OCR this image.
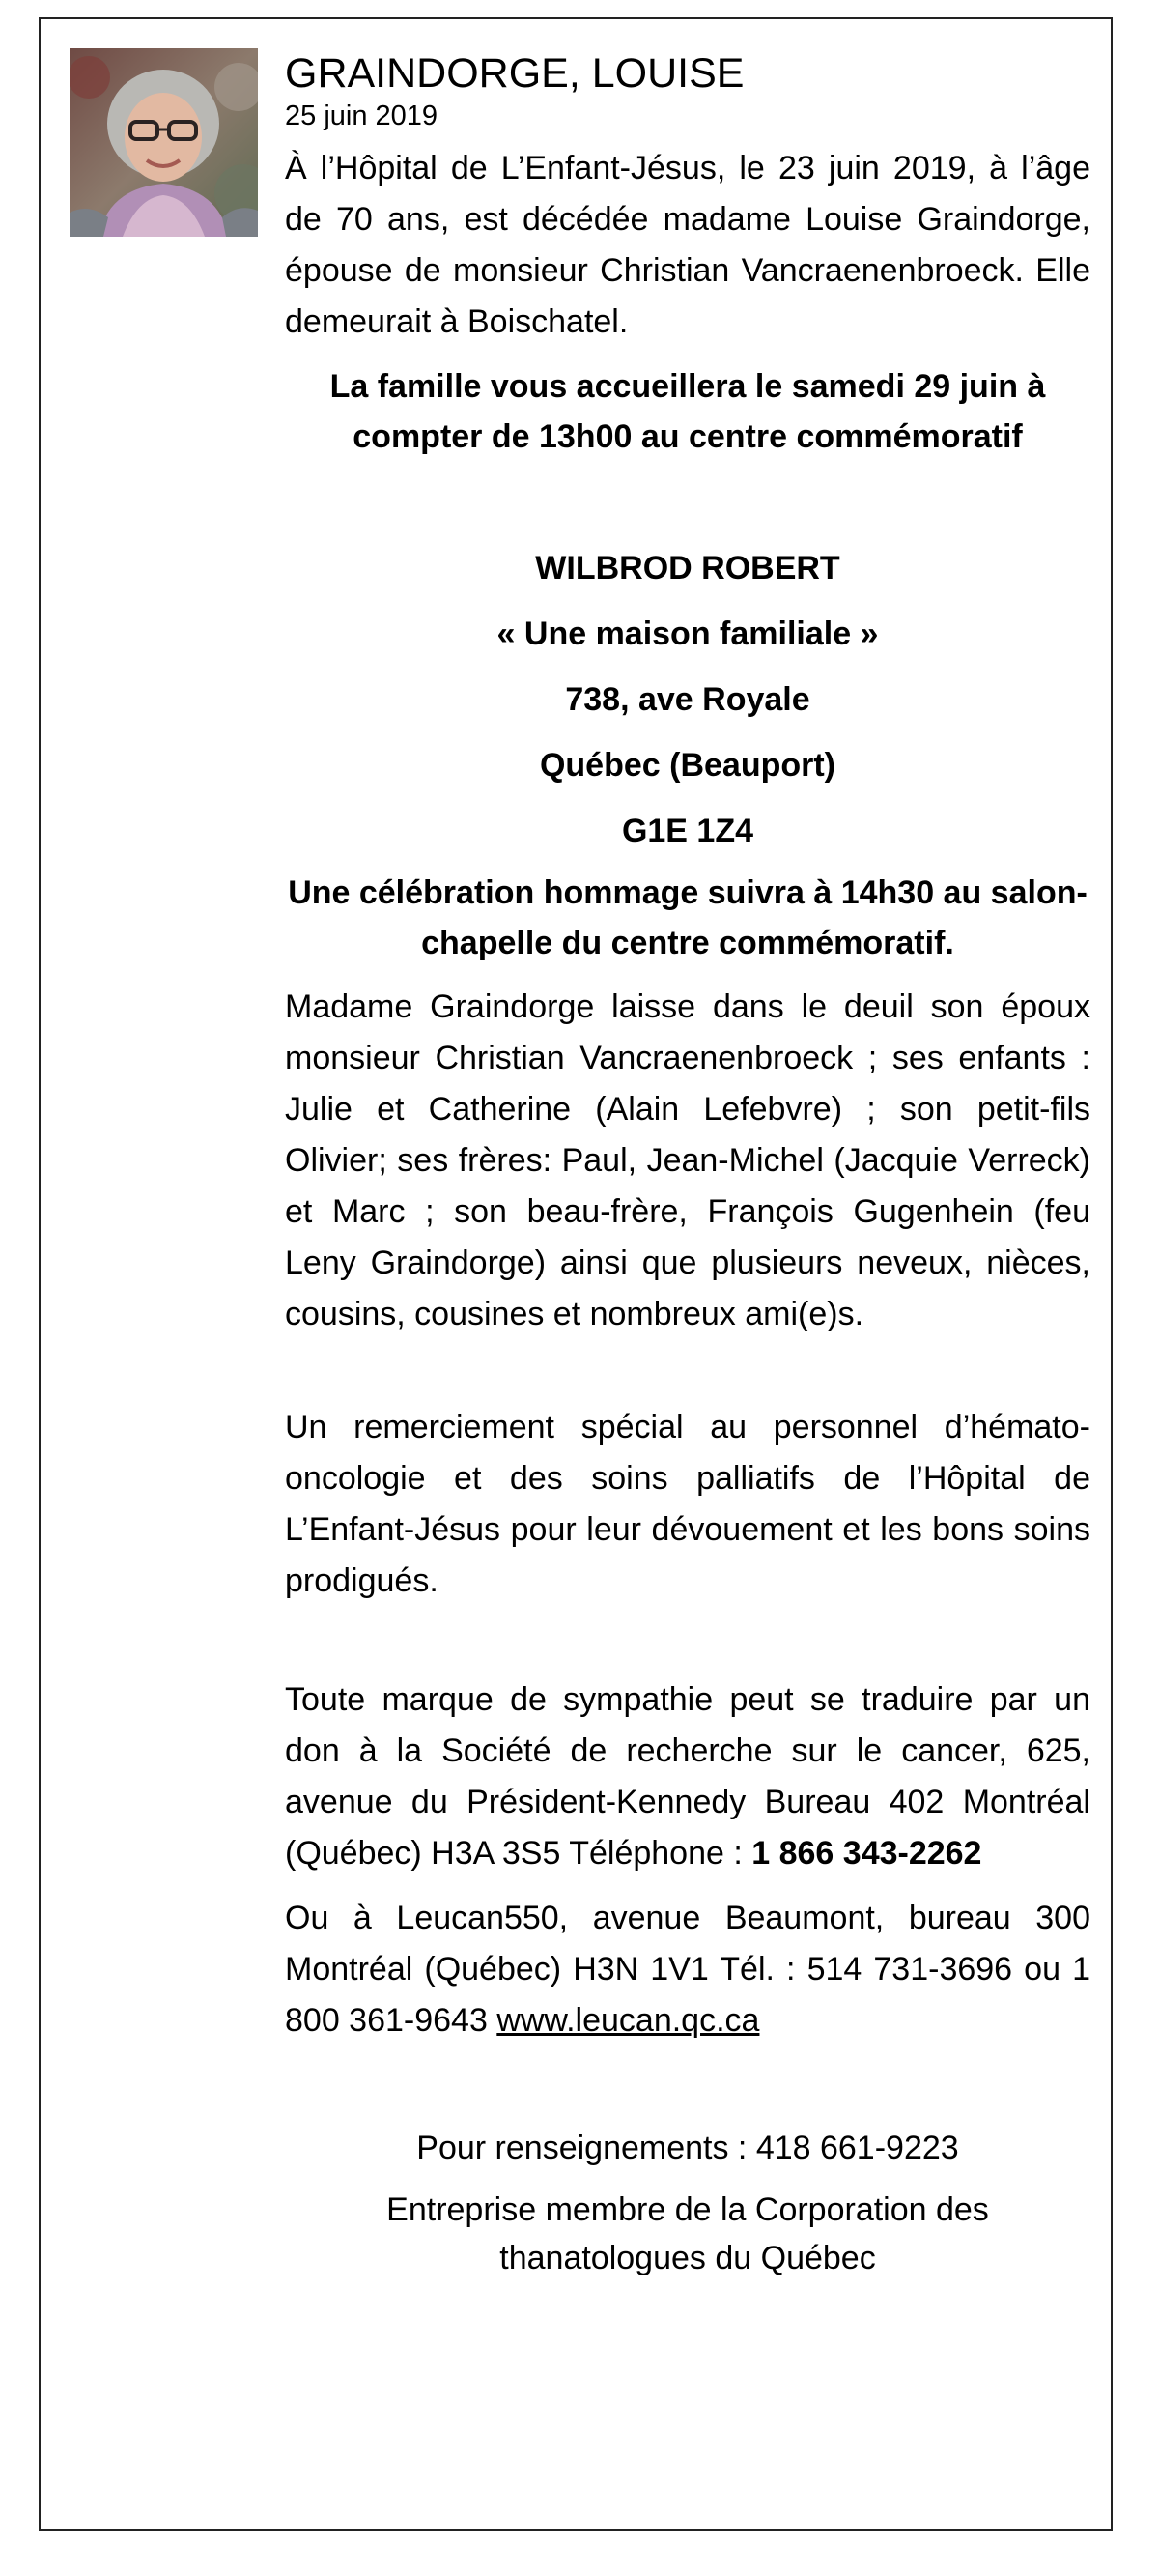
GRAINDORGE, LOUISE
25 juin 2019

À l’Hôpital de L’Enfant-Jésus, le 23 juin 2019, à l’âge de 70 ans, est décédée madame Louise Graindorge, épouse de monsieur Christian Vancraenenbroeck. Elle demeurait à Boischatel.

La famille vous accueillera le samedi 29 juin à compter de 13h00 au centre commémoratif

WILBROD ROBERT
« Une maison familiale »
738, ave Royale
Québec (Beauport)
G1E 1Z4

Une célébration hommage suivra à 14h30 au salon-chapelle du centre commémoratif.

Madame Graindorge laisse dans le deuil son époux monsieur Christian Vancraenenbroeck ; ses enfants : Julie et Catherine (Alain Lefebvre) ; son petit-fils Olivier; ses frères: Paul, Jean-Michel (Jacquie Verreck) et Marc ; son beau-frère, François Gugenhein (feu Leny Graindorge) ainsi que plusieurs neveux, nièces, cousins, cousines et nombreux ami(e)s.

Un remerciement spécial au personnel d’hémato-oncologie et des soins palliatifs de l’Hôpital de L’Enfant-Jésus pour leur dévouement et les bons soins prodigués.

Toute marque de sympathie peut se traduire par un don à la Société de recherche sur le cancer, 625, avenue du Président-Kennedy Bureau 402 Montréal (Québec) H3A 3S5 Téléphone : 1 866 343-2262

Ou à Leucan550, avenue Beaumont, bureau 300 Montréal (Québec) H3N 1V1 Tél. : 514 731-3696 ou 1 800 361-9643 www.leucan.qc.ca

Pour renseignements : 418 661-9223

Entreprise membre de la Corporation des thanatologues du Québec
